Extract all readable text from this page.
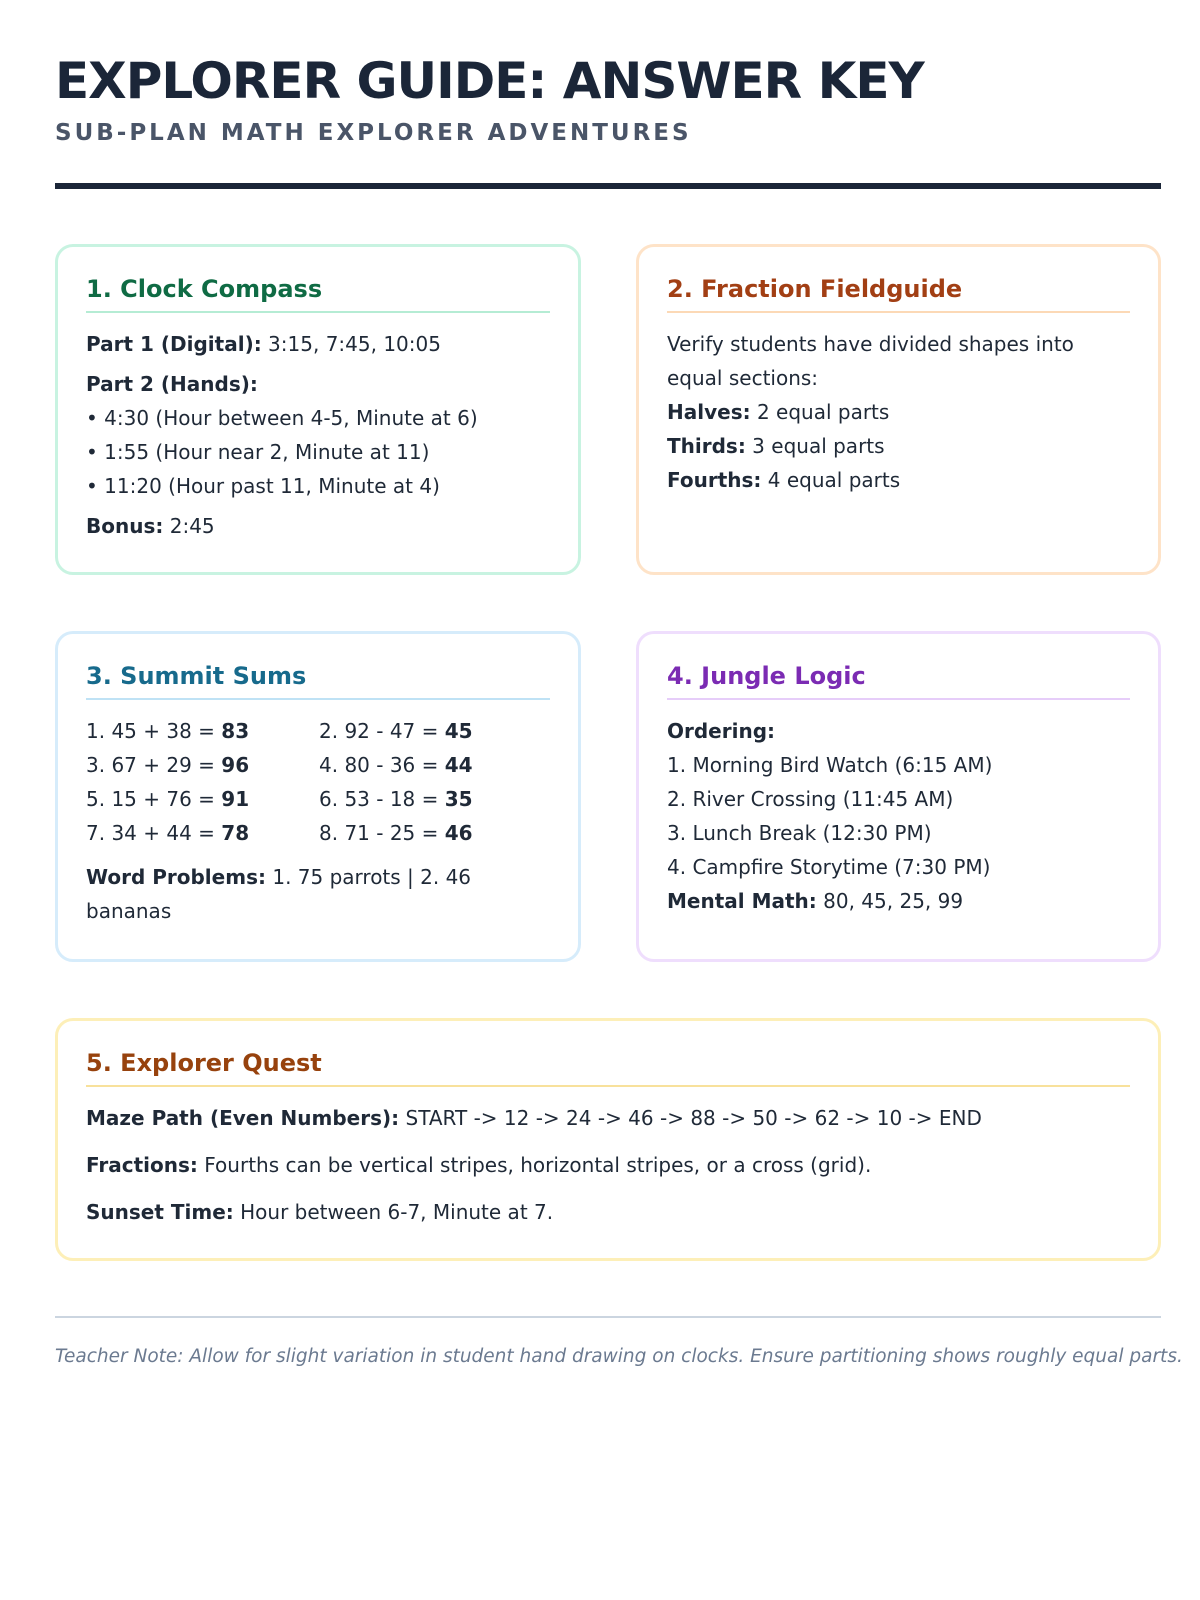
EXPLORER GUIDE: ANSWER KEY
SUB-PLAN MATH EXPLORER ADVENTURES
1. Clock Compass
Part 1 (Digital): 3:15, 7:45, 10:05
Part 2 (Hands):
• 4:30 (Hour between 4-5, Minute at 6)
• 1:55 (Hour near 2, Minute at 11)
• 11:20 (Hour past 11, Minute at 4)
Bonus: 2:45
2. Fraction Fieldguide
Verify students have divided shapes into equal sections:
Halves: 2 equal parts
Thirds: 3 equal parts
Fourths: 4 equal parts
3. Summit Sums
1. 45 + 38 = 83	2. 92 - 47 = 45
3. 67 + 29 = 96	4. 80 - 36 = 44
5. 15 + 76 = 91	6. 53 - 18 = 35
7. 34 + 44 = 78	8. 71 - 25 = 46
Word Problems: 1. 75 parrots | 2. 46 bananas
4. Jungle Logic
Ordering:
1. Morning Bird Watch (6:15 AM)
2. River Crossing (11:45 AM)
3. Lunch Break (12:30 PM)
4. Campfire Storytime (7:30 PM)
Mental Math: 80, 45, 25, 99
5. Explorer Quest
Maze Path (Even Numbers): START -> 12 -> 24 -> 46 -> 88 -> 50 -> 62 -> 10 -> END
Fractions: Fourths can be vertical stripes, horizontal stripes, or a cross (grid).
Sunset Time: Hour between 6-7, Minute at 7.
Teacher Note: Allow for slight variation in student hand drawing on clocks. Ensure partitioning shows roughly equal parts.
